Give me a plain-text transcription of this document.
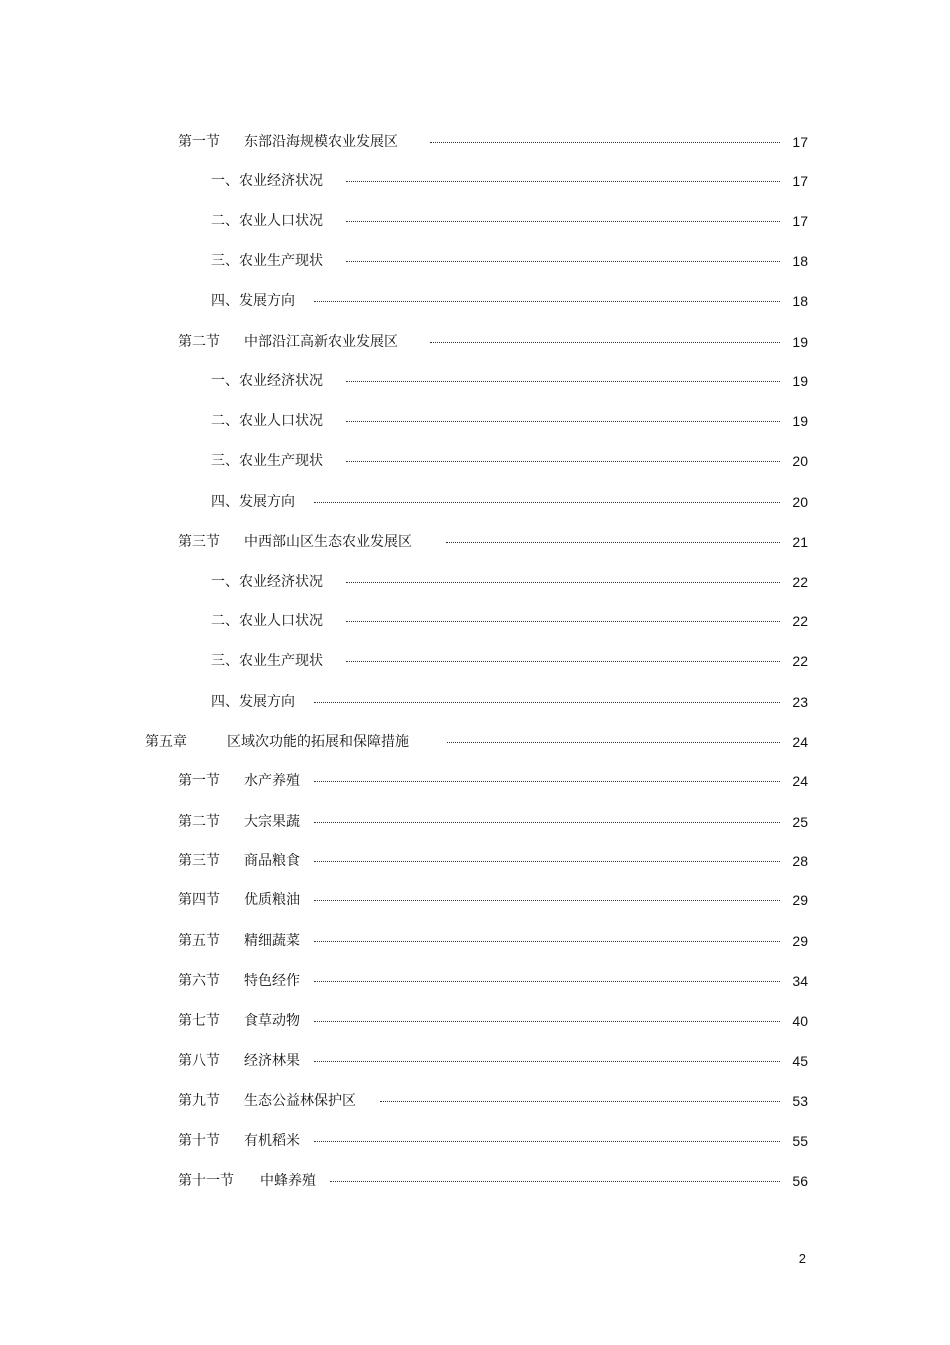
第一节 东部沿海规模农业发展区	17
一、农业经济状况	17
二、农业人口状况	17
三、农业生产现状	18
四、发展方向	18
第二节 中部沿江高新农业发展区	19
一、农业经济状况	19
二、农业人口状况	19
三、农业生产现状	20
四、发展方向	20
第三节 中西部山区生态农业发展区	21
一、农业经济状况	22
二、农业人口状况	22
三、农业生产现状	22
四、发展方向	23
第五章	区域次功能的拓展和保障措施	24
第一节 水产养殖	24
第二节 大宗果蔬	25
第三节 商品粮食	28
第四节 优质粮油	29
第五节 精细蔬菜	29
第六节 特色经作	34
第七节 食草动物	40
第八节 经济林果	45
第九节 生态公益林保护区	53
第十节 有机稻米	55
第十一节 中蜂养殖	56
2
